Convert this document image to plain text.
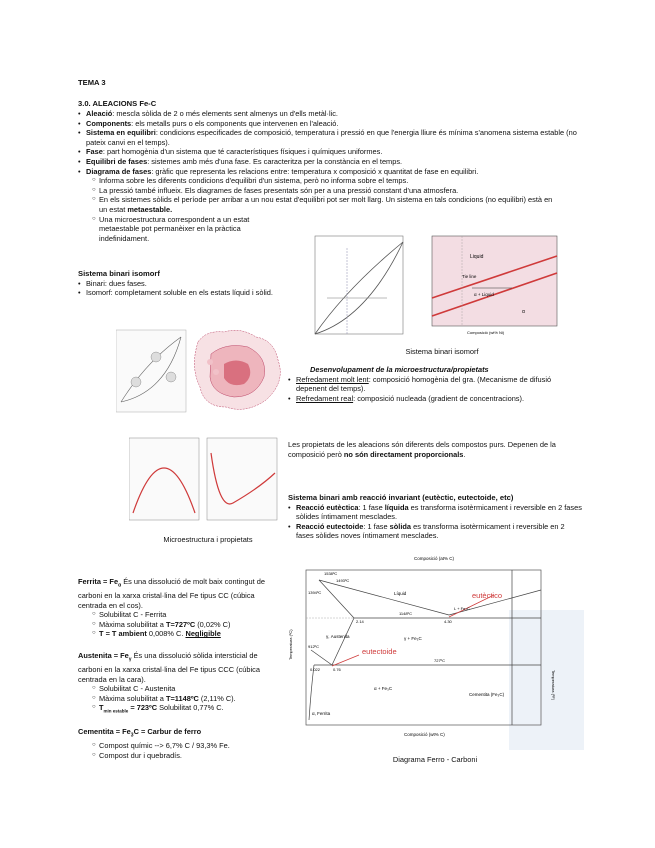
TEMA 3
3.0. ALEACIONS Fe-C
• Aleació: mescla sòlida de 2 o més elements sent almenys un d'ells metàl·lic.
• Components: els metalls purs o els components que intervenen en l'aleació.
• Sistema en equilibri: condicions especificades de composició, temperatura i pressió en que l'energia lliure és mínima s'anomena sistema estable (no pateix canvi en el temps).
• Fase: part homogènia d'un sistema que té característiques físiques i químiques uniformes.
• Equilibri de fases: sistemes amb més d'una fase. Es caracteritza per la constància en el temps.
• Diagrama de fases: gràfic que representa les relacions entre: temperatura x composició x quantitat de fase en equilibri.
○ Informa sobre les diferents condicions d'equilibri d'un sistema, però no informa sobre el temps.
○ La pressió també influeix. Els diagrames de fases presentats són per a una pressió constant d'una atmosfera.
○ En els sistemes sòlids el període per arribar a un nou estat d'equilibri pot ser molt llarg. Un sistema en tals condicions (no equilibri) està en un estat metaestable.
○ Una microestructura correspondent a un estat metaestable pot permanèixer en la pràctica indefinidament.
Sistema binari isomorf
• Binari: dues fases.
• Isomorf: completament soluble en els estats líquid i sòlid.
Liquid
Tie line
α + Liquid
α
Composició (wt% Ni)
Sistema binari isomorf
Desenvolupament de la microestructura/propietats
• Refredament molt lent: composició homogènia del gra. (Mecanisme de difusió depenent del temps).
• Refredament real: composició nucleada (gradient de concentracions).
Microestructura i propietats
Les propietats de les aleacions són diferents dels compostos purs. Depenen de la composició però no són directament proporcionals.
Sistema binari amb reacció invariant (eutèctic, eutectoide, etc)
• Reacció eutèctica: 1 fase líquida es transforma isotèrmicament i reversible en 2 fases sòlides íntimament mesclades.
• Reacció eutectoide: 1 fase sòlida es transforma isotèrmicament i reversible en 2 fases sòlides noves íntimament mesclades.
Ferrita = $Fe_\alpha$ És una dissolució de molt baix contingut de carboni en la xarxa cristal·lina del Fe tipus CC (cúbica centrada en el cos).
○ Solubilitat C - Ferrita
○ Màxima solubilitat a T=727ºC (0,02% C)
○ T = T ambient 0,008% C. Negligible
Austenita = $Fe_\gamma$ És una dissolució sòlida intersticial de carboni en la xarxa cristal·lina del Fe tipus CCC (cúbica centrada en la cara).
○ Solubilitat C - Austenita
○ Màxima solubilitat a T=1148ºC (2,11% C).
○ $T_{min estable}$ = 723ºC Solubilitat 0,77% C.
Cementita = $Fe_3C$ = Carbur de ferro
○ Compost químic --> 6,7% C / 93,3% Fe.
○ Compost dur i quebradís.
Composició (at% C)
Composició (wt% C)
eutèctico
eutectoide
Líquid
γ, Austenita
α, Ferrita
γ + Fe₃C
α + Fe₃C
Cementita (Fe₃C)
L + Fe₃C
1538ºC
1493ºC
1394ºC
912ºC
1148ºC
727ºC
4.30
2.14
0.76
0.022
Temperatura (ºC)
Temperatura (ºF)
Diagrama Ferro - Carboni
